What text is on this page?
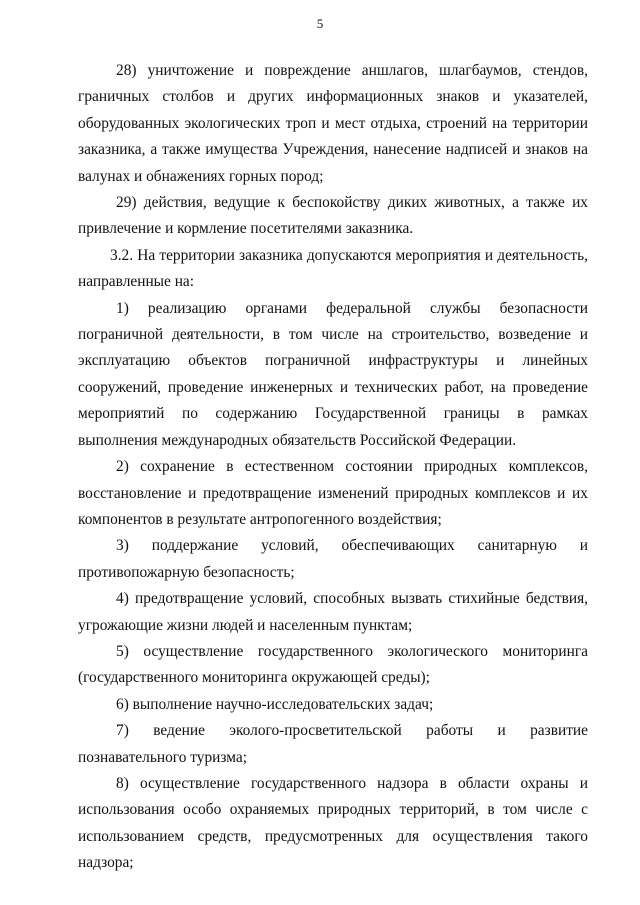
5

28) уничтожение и повреждение аншлагов, шлагбаумов, стендов, граничных столбов и других информационных знаков и указателей, оборудованных экологических троп и мест отдыха, строений на территории заказника, а также имущества Учреждения, нанесение надписей и знаков на валунах и обнажениях горных пород;

29) действия, ведущие к беспокойству диких животных, а также их привлечение и кормление посетителями заказника.

3.2. На территории заказника допускаются мероприятия и деятельность, направленные на:

1) реализацию органами федеральной службы безопасности пограничной деятельности, в том числе на строительство, возведение и эксплуатацию объектов пограничной инфраструктуры и линейных сооружений, проведение инженерных и технических работ, на проведение мероприятий по содержанию Государственной границы в рамках выполнения международных обязательств Российской Федерации.

2) сохранение в естественном состоянии природных комплексов, восстановление и предотвращение изменений природных комплексов и их компонентов в результате антропогенного воздействия;

3) поддержание условий, обеспечивающих санитарную и противопожарную безопасность;

4) предотвращение условий, способных вызвать стихийные бедствия, угрожающие жизни людей и населенным пунктам;

5) осуществление государственного экологического мониторинга (государственного мониторинга окружающей среды);

6) выполнение научно-исследовательских задач;

7) ведение эколого-просветительской работы и развитие познавательного туризма;

8) осуществление государственного надзора в области охраны и использования особо охраняемых природных территорий, в том числе с использованием средств, предусмотренных для осуществления такого надзора;
